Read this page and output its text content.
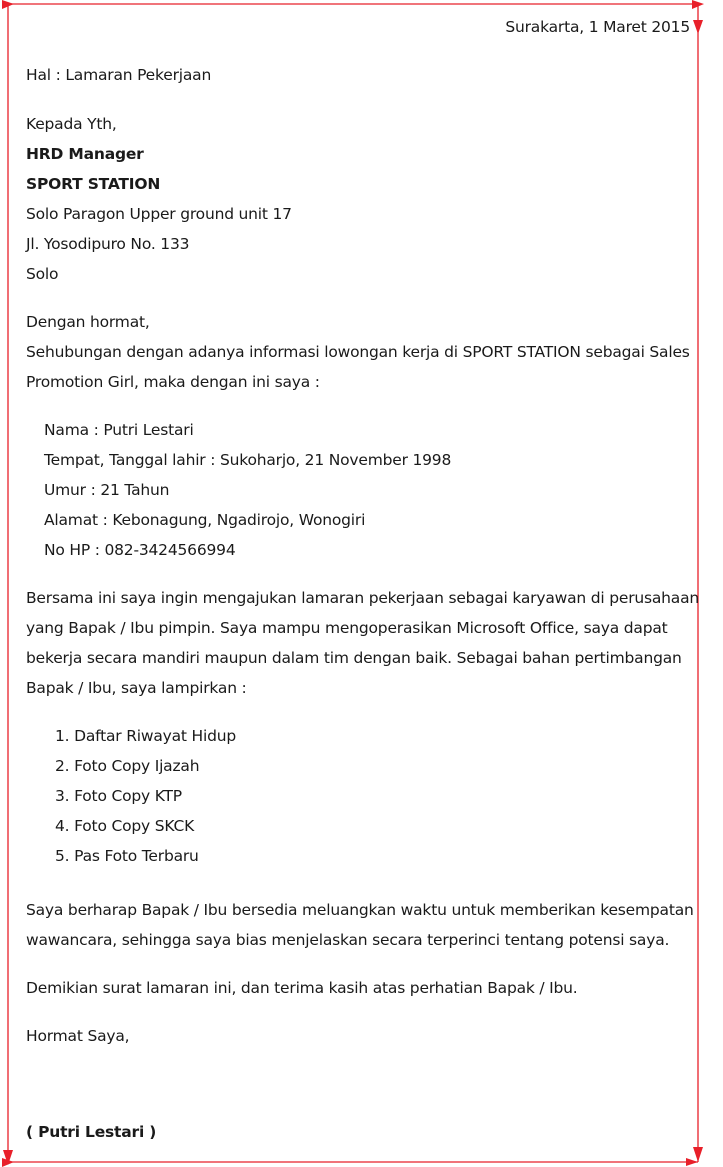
Surakarta, 1 Maret 2015
Hal : Lamaran Pekerjaan
Kepada Yth,
HRD Manager
SPORT STATION
Solo Paragon Upper ground unit 17
Jl. Yosodipuro No. 133
Solo
Dengan hormat,
Sehubungan dengan adanya informasi lowongan kerja di SPORT STATION sebagai Sales
Promotion Girl, maka dengan ini saya :
Nama : Putri Lestari
Tempat, Tanggal lahir : Sukoharjo, 21 November 1998
Umur : 21 Tahun
Alamat : Kebonagung, Ngadirojo, Wonogiri
No HP : 082-3424566994
Bersama ini saya ingin mengajukan lamaran pekerjaan sebagai karyawan di perusahaan
yang Bapak / Ibu pimpin. Saya mampu mengoperasikan Microsoft Office, saya dapat
bekerja secara mandiri maupun dalam tim dengan baik. Sebagai bahan pertimbangan
Bapak / Ibu, saya lampirkan :
1. Daftar Riwayat Hidup
2. Foto Copy Ijazah
3. Foto Copy KTP
4. Foto Copy SKCK
5. Pas Foto Terbaru
Saya berharap Bapak / Ibu bersedia meluangkan waktu untuk memberikan kesempatan
wawancara, sehingga saya bias menjelaskan secara terperinci tentang potensi saya.
Demikian surat lamaran ini, dan terima kasih atas perhatian Bapak / Ibu.
Hormat Saya,
( Putri Lestari )
